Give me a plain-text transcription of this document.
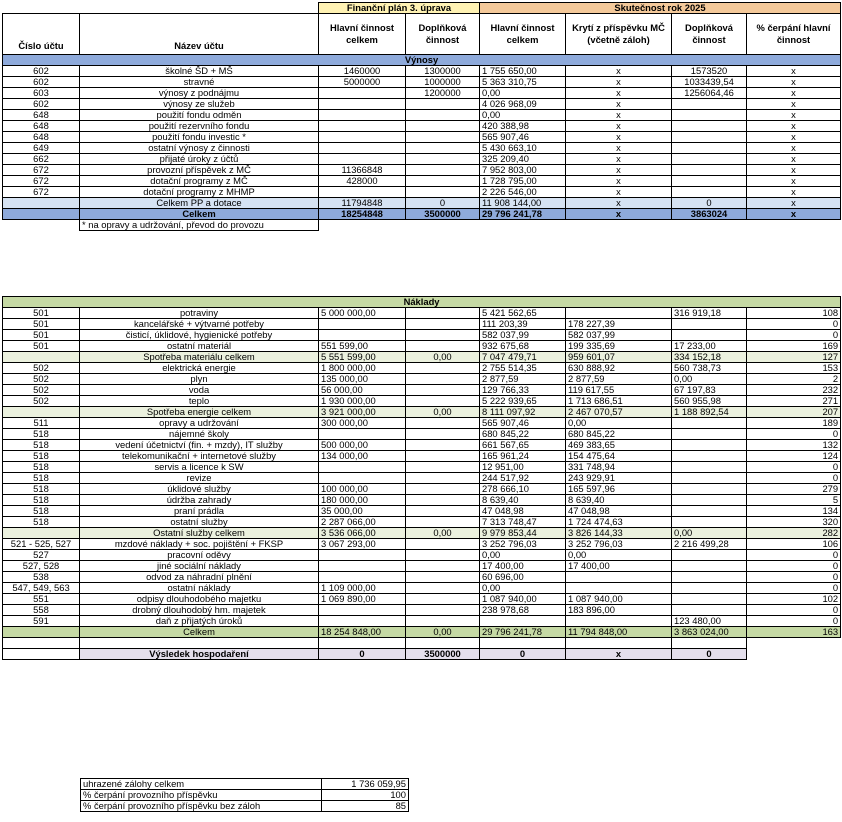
		Finanční plán 3. úprava		Skutečnost rok 2025			
Číslo účtu	Název účtu	Hlavní činnost celkem	Doplňková činnost	Hlavní činnost celkem	Krytí z příspěvku MČ (včetně záloh)	Doplňková činnost	% čerpání hlavní činnost
Výnosy							
602	školné ŠD + MŠ	1460000	1300000	1 755 650,00	x	1573520	x
602	stravné	5000000	1000000	5 363 310,75	x	1033439,54	x
603	výnosy z podnájmu		1200000	0,00	x	1256064,46	x
602	výnosy ze služeb			4 026 968,09	x		x
648	použití fondu odměn			0,00	x		x
648	použití rezervního fondu			420 388,98	x		x
648	použití fondu investic *			565 907,46	x		x
649	ostatní výnosy z činnosti			5 430 663,10	x		x
662	přijaté úroky z účtů			325 209,40	x		x
672	provozní příspěvek z MČ	11366848		7 952 803,00	x		x
672	dotační programy z MČ	428000		1 728 795,00	x		x
672	dotační programy z MHMP			2 226 546,00	x		x
	Celkem PP a dotace	11794848	0	11 908 144,00	x	0	x
	Celkem	18254848	3500000	29 796 241,78	x	3863024	x
	* na opravy a udržování, převod do provozu						
Náklady							
501	potraviny	5 000 000,00		5 421 562,65		316 919,18	108
501	kancelářské + výtvarné potřeby			111 203,39	178 227,39		0
501	čisticí, úklidové, hygienické potřeby			582 037,99	582 037,99		0
501	ostatní materiál	551 599,00		932 675,68	199 335,69	17 233,00	169
	Spotřeba materiálu celkem	5 551 599,00	0,00	7 047 479,71	959 601,07	334 152,18	127
502	elektrická energie	1 800 000,00		2 755 514,35	630 888,92	560 738,73	153
502	plyn	135 000,00		2 877,59	2 877,59	0,00	2
502	voda	56 000,00		129 766,33	119 617,55	67 197,83	232
502	teplo	1 930 000,00		5 222 939,65	1 713 686,51	560 955,98	271
	Spotřeba energie celkem	3 921 000,00	0,00	8 111 097,92	2 467 070,57	1 188 892,54	207
511	opravy a udržování	300 000,00		565 907,46	0,00		189
518	nájemné školy			680 845,22	680 845,22		0
518	vedení účetnictví (fin. + mzdy), IT služby	500 000,00		661 567,65	469 383,65		132
518	telekomunikační + internetové služby	134 000,00		165 961,24	154 475,64		124
518	servis a licence k SW			12 951,00	331 748,94		0
518	revize			244 517,92	243 929,91		0
518	úklidové služby	100 000,00		278 666,10	165 597,96		279
518	údržba zahrady	180 000,00		8 639,40	8 639,40		5
518	praní prádla	35 000,00		47 048,98	47 048,98		134
518	ostatní služby	2 287 066,00		7 313 748,47	1 724 474,63		320
	Ostatní služby celkem	3 536 066,00	0,00	9 979 853,44	3 826 144,33	0,00	282
521 - 525, 527	mzdové náklady + soc. pojištění + FKSP	3 067 293,00		3 252 796,03	3 252 796,03	2 216 499,28	106
527	pracovní oděvy			0,00	0,00		0
527, 528	jiné sociální náklady			17 400,00	17 400,00		0
538	odvod za náhradní plnění			60 696,00			0
547, 549, 563	ostatní náklady	1 109 000,00		0,00			0
551	odpisy dlouhodobého majetku	1 069 890,00		1 087 940,00	1 087 940,00		102
558	drobný dlouhodobý hm. majetek			238 978,68	183 896,00		0
591	daň z přijatých úroků					123 480,00	0
	Celkem	18 254 848,00	0,00	29 796 241,78	11 794 848,00	3 863 024,00	163

	Výsledek hospodaření	0	3500000	0	x	0	
uhrazené zálohy celkem	1 736 059,95
% čerpání provozního příspěvku	100
% čerpání provozního příspěvku bez záloh	85
